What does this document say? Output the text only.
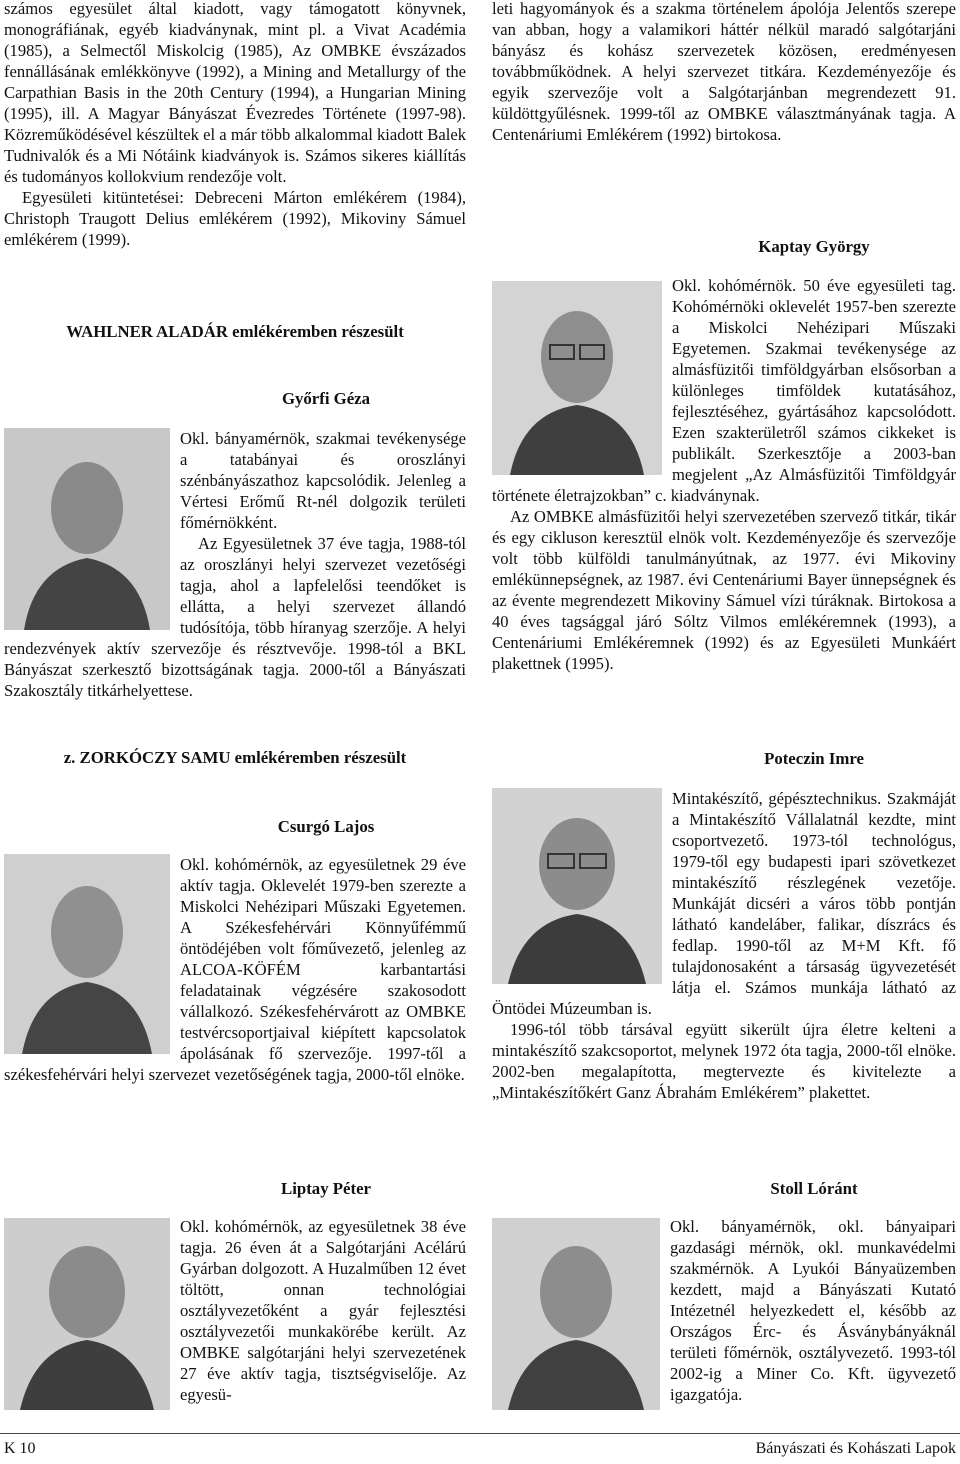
számos egyesület által kiadott, vagy támogatott könyvnek, monográfiának, egyéb kiadványnak, mint pl. a Vivat Académia (1985), a Selmectől Miskolcig (1985), Az OMBKE évszázados fennállásának emlékkönyve (1992), a Mining and Metallurgy of the Carpathian Basis in the 20th Century (1994), a Hungarian Mining (1995), ill. A Magyar Bányászat Évezredes Története (1997-98). Közreműködésével készültek el a már több alkalommal kiadott Balek Tudnivalók és a Mi Nótáink kiadványok is. Számos sikeres kiállítás és tudományos kollokvium rendezője volt.

Egyesületi kitüntetései: Debreceni Márton emlékérem (1984), Christoph Traugott Delius emlékérem (1992), Mikoviny Sámuel emlékérem (1999).

WAHLNER ALADÁR emlékéremben részesült
Győrfi Géza

Okl. bányamérnök, szakmai tevékenysége a tatabányai és oroszlányi szénbányászathoz kapcsolódik. Jelenleg a Vértesi Erőmű Rt-nél dolgozik területi főmérnökként.

Az Egyesületnek 37 éve tagja, 1988-tól az oroszlányi helyi szervezet vezetőségi tagja, ahol a lapfelelősi teendőket is ellátta, a helyi szervezet állandó tudósítója, több híranyag szerzője. A helyi rendezvények aktív szervezője és résztvevője. 1998-tól a BKL Bányászat szerkesztő bizottságának tagja. 2000-től a Bányászati Szakosztály titkárhelyettese.

leti hagyományok és a szakma történelem ápolója Jelentős szerepe van abban, hogy a valamikori háttér nélkül maradó salgótarjáni bányász és kohász szervezetek közösen, eredményesen továbbműködnek. A helyi szervezet titkára. Kezdeményezője és egyik szervezője volt a Salgótarjánban megrendezett 91. küldöttgyűlésnek. 1999-től az OMBKE választmányának tagja. A Centenáriumi Emlékérem (1992) birtokosa.

Kaptay György

Okl. kohómérnök. 50 éve egyesületi tag. Kohómérnöki oklevelét 1957-ben szerezte a Miskolci Nehézipari Műszaki Egyetemen. Szakmai tevékenysége az almásfüzitői timföldgyárban elsősorban a különleges timföldek kutatásához, fejlesztéséhez, gyártásához kapcsolódott. Ezen szakterületről számos cikkeket is publikált. Szerkesztője a 2003-ban megjelent „Az Almásfüzitői Timföldgyár története életrajzokban” c. kiadványnak.

Az OMBKE almásfüzitői helyi szervezetében szervező titkár, tikár és egy cikluson keresztül elnök volt. Kezdeményezője és szervezője volt több külföldi tanulmányútnak, az 1977. évi Mikoviny emlékünnepségnek, az 1987. évi Centenáriumi Bayer ünnepségnek és az évente megrendezett Mikoviny Sámuel vízi túráknak. Birtokosa a 40 éves tagsággal járó Sóltz Vilmos emlékéremnek (1993), a Centenáriumi Emlékéremnek (1992) és az Egyesületi Munkáért plakettnek (1995).

z. ZORKÓCZY SAMU emlékéremben részesült
Csurgó Lajos

Okl. kohómérnök, az egyesületnek 29 éve aktív tagja. Oklevelét 1979-ben szerezte a Miskolci Nehézipari Műszaki Egyetemen. A Székesfehérvári Könnyűfémmű öntödéjében volt főművezető, jelenleg az ALCOA-KÖFÉM karbantartási feladatainak végzésére szakosodott vállalkozó. Székesfehérvárott az OMBKE testvércsoportjaival kiépített kapcsolatok ápolásának fő szervezője. 1997-től a székesfehérvári helyi szervezet vezetőségének tagja, 2000-től elnöke.

Poteczin Imre

Mintakészítő, gépésztechnikus. Szakmáját a Mintakészítő Vállalatnál kezdte, mint csoportvezető. 1973-tól technológus, 1979-től egy budapesti ipari szövetkezet mintakészítő részlegének vezetője. Munkáját dicséri a város több pontján látható kandeláber, falikar, díszrács és fedlap. 1990-től az M+M Kft. fő tulajdonosaként a társaság ügyvezetését látja el. Számos munkája látható az Öntödei Múzeumban is.

1996-tól több társával együtt sikerült újra életre kelteni a mintakészítő szakcsoportot, melynek 1972 óta tagja, 2000-től elnöke. 2002-ben megalapította, megtervezte és kivitelezte a „Mintakészítőkért Ganz Ábrahám Emlékérem” plakettet.

Liptay Péter

Okl. kohómérnök, az egyesületnek 38 éve tagja. 26 éven át a Salgótarjáni Acélárú Gyárban dolgozott. A Huzalműben 12 évet töltött, onnan technológiai osztályvezetőként a gyár fejlesztési osztályvezetői munkakörébe került. Az OMBKE salgótarjáni helyi szervezetének 27 éve aktív tagja, tisztségviselője. Az egyesü-

Stoll Lóránt

Okl. bányamérnök, okl. bányaipari gazdasági mérnök, okl. munkavédelmi szakmérnök. A Lyukói Bányaüzemben kezdett, majd a Bányászati Kutató Intézetnél helyezkedett el, később az Országos Érc- és Ásványbányáknál területi főmérnök, osztályvezető. 1993-tól 2002-ig a Miner Co. Kft. ügyvezető igazgatója.

K 10	Bányászati és Kohászati Lapok
